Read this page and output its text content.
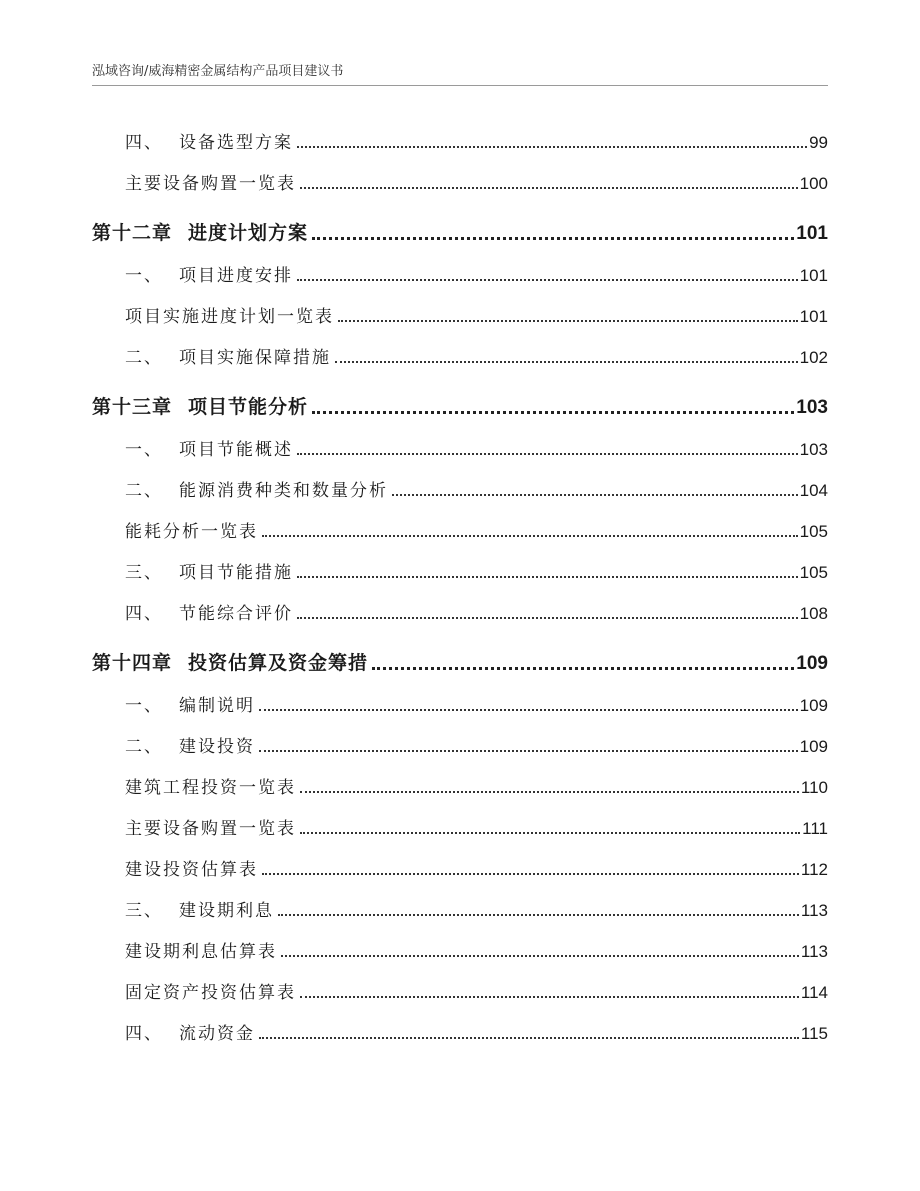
泓域咨询/威海精密金属结构产品项目建议书
四、 设备选型方案	99
主要设备购置一览表	100
第十二章 进度计划方案	101
一、 项目进度安排	101
项目实施进度计划一览表	101
二、 项目实施保障措施	102
第十三章 项目节能分析	103
一、 项目节能概述	103
二、 能源消费种类和数量分析	104
能耗分析一览表	105
三、 项目节能措施	105
四、 节能综合评价	108
第十四章 投资估算及资金筹措	109
一、 编制说明	109
二、 建设投资	109
建筑工程投资一览表	110
主要设备购置一览表	111
建设投资估算表	112
三、 建设期利息	113
建设期利息估算表	113
固定资产投资估算表	114
四、 流动资金	115
